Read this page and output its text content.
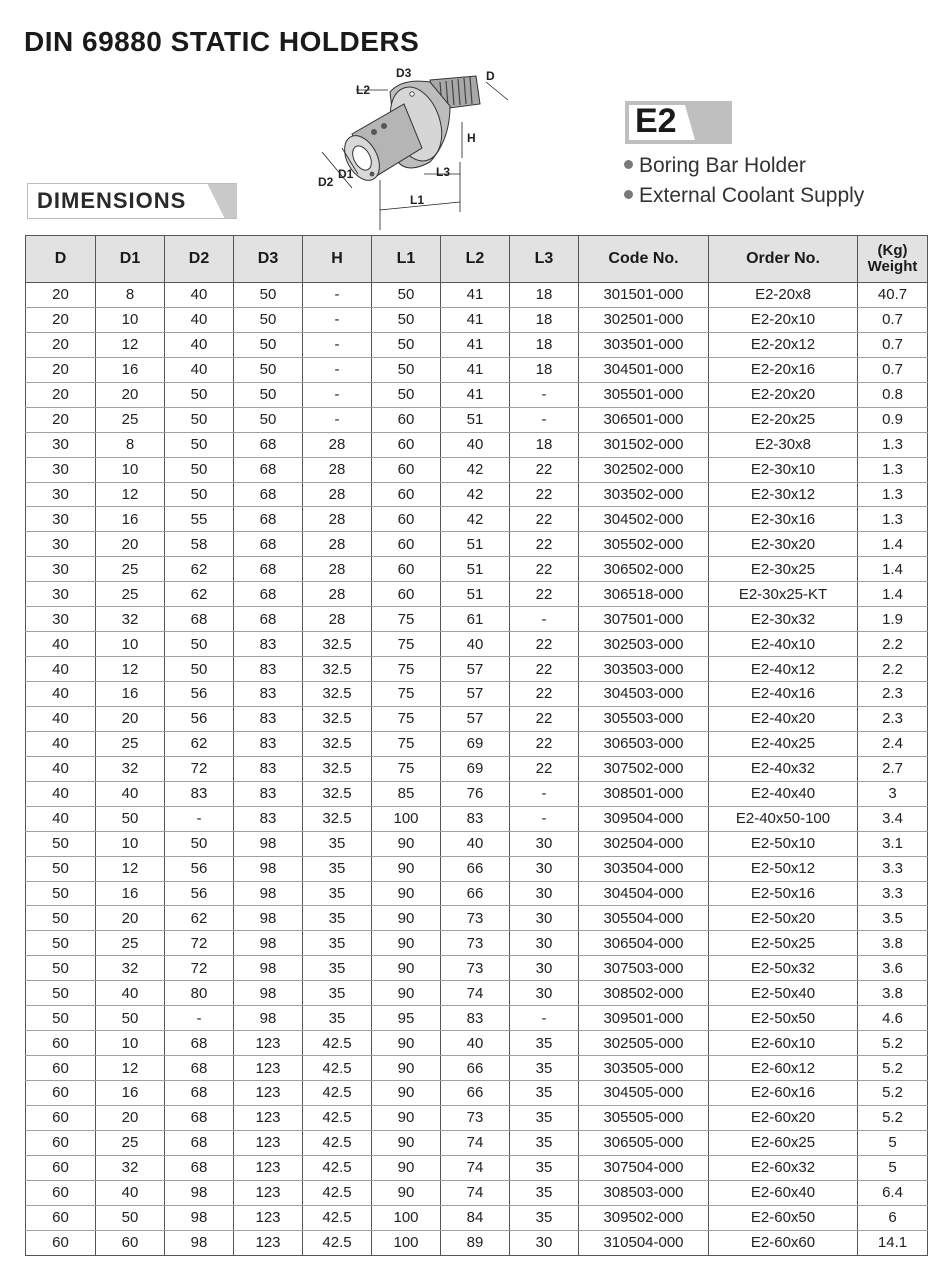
DIN 69880 STATIC HOLDERS
D3	D
L2
H
D1
D2
L3
L1
DIMENSIONS
E2
Boring Bar Holder
External Coolant Supply
D	D1	D2	D3	H	L1	L2	L3	Code No.	Order No.	(Kg)
Weight
20	8	40	50	-	50	41	18	301501-000	E2-20x8	40.7
20	10	40	50	-	50	41	18	302501-000	E2-20x10	0.7
20	12	40	50	-	50	41	18	303501-000	E2-20x12	0.7
20	16	40	50	-	50	41	18	304501-000	E2-20x16	0.7
20	20	50	50	-	50	41	-	305501-000	E2-20x20	0.8
20	25	50	50	-	60	51	-	306501-000	E2-20x25	0.9
30	8	50	68	28	60	40	18	301502-000	E2-30x8	1.3
30	10	50	68	28	60	42	22	302502-000	E2-30x10	1.3
30	12	50	68	28	60	42	22	303502-000	E2-30x12	1.3
30	16	55	68	28	60	42	22	304502-000	E2-30x16	1.3
30	20	58	68	28	60	51	22	305502-000	E2-30x20	1.4
30	25	62	68	28	60	51	22	306502-000	E2-30x25	1.4
30	25	62	68	28	60	51	22	306518-000	E2-30x25-KT	1.4
30	32	68	68	28	75	61	-	307501-000	E2-30x32	1.9
40	10	50	83	32.5	75	40	22	302503-000	E2-40x10	2.2
40	12	50	83	32.5	75	57	22	303503-000	E2-40x12	2.2
40	16	56	83	32.5	75	57	22	304503-000	E2-40x16	2.3
40	20	56	83	32.5	75	57	22	305503-000	E2-40x20	2.3
40	25	62	83	32.5	75	69	22	306503-000	E2-40x25	2.4
40	32	72	83	32.5	75	69	22	307502-000	E2-40x32	2.7
40	40	83	83	32.5	85	76	-	308501-000	E2-40x40	3
40	50	-	83	32.5	100	83	-	309504-000	E2-40x50-100	3.4
50	10	50	98	35	90	40	30	302504-000	E2-50x10	3.1
50	12	56	98	35	90	66	30	303504-000	E2-50x12	3.3
50	16	56	98	35	90	66	30	304504-000	E2-50x16	3.3
50	20	62	98	35	90	73	30	305504-000	E2-50x20	3.5
50	25	72	98	35	90	73	30	306504-000	E2-50x25	3.8
50	32	72	98	35	90	73	30	307503-000	E2-50x32	3.6
50	40	80	98	35	90	74	30	308502-000	E2-50x40	3.8
50	50	-	98	35	95	83	-	309501-000	E2-50x50	4.6
60	10	68	123	42.5	90	40	35	302505-000	E2-60x10	5.2
60	12	68	123	42.5	90	66	35	303505-000	E2-60x12	5.2
60	16	68	123	42.5	90	66	35	304505-000	E2-60x16	5.2
60	20	68	123	42.5	90	73	35	305505-000	E2-60x20	5.2
60	25	68	123	42.5	90	74	35	306505-000	E2-60x25	5
60	32	68	123	42.5	90	74	35	307504-000	E2-60x32	5
60	40	98	123	42.5	90	74	35	308503-000	E2-60x40	6.4
60	50	98	123	42.5	100	84	35	309502-000	E2-60x50	6
60	60	98	123	42.5	100	89	30	310504-000	E2-60x60	14.1
